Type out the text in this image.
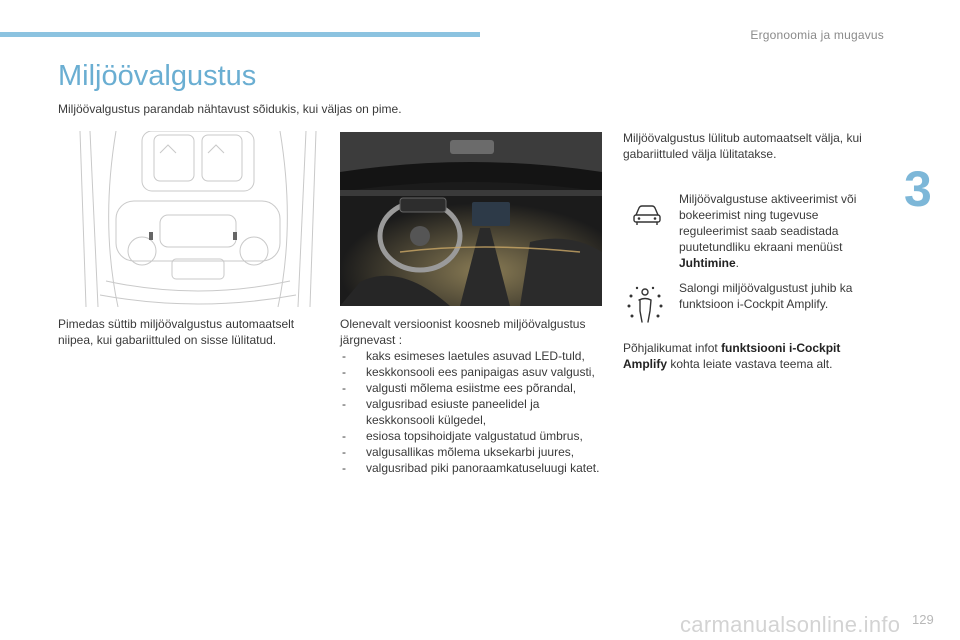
Ergonoomia ja mugavus
3
Miljöövalgustus
Miljöövalgustus parandab nähtavust sõidukis, kui väljas on pime.
Pimedas süttib miljöövalgustus automaatselt niipea, kui gabariittuled on sisse lülitatud.
Olenevalt versioonist koosneb miljöövalgustus järgnevast :
- kaks esimeses laetules asuvad LED-tuld,
- keskkonsooli ees panipaigas asuv valgusti,
- valgusti mõlema esiistme ees põrandal,
- valgusribad esiuste paneelidel ja keskkonsooli külgedel,
- esiosa topsihoidjate valgustatud ümbrus,
- valgusallikas mõlema uksekarbi juures,
- valgusribad piki panoraamkatuseluugi katet.
Miljöövalgustus lülitub automaatselt välja, kui gabariittuled välja lülitatakse.
Miljöövalgustuse aktiveerimist või bokeerimist ning tugevuse reguleerimist saab seadistada puutetundliku ekraani menüüst Juhtimine.
Salongi miljöövalgustust juhib ka funktsioon i-Cockpit Amplify.
Põhjalikumat infot funktsiooni i-Cockpit Amplify kohta leiate vastava teema alt.
carmanualsonline.info 129
